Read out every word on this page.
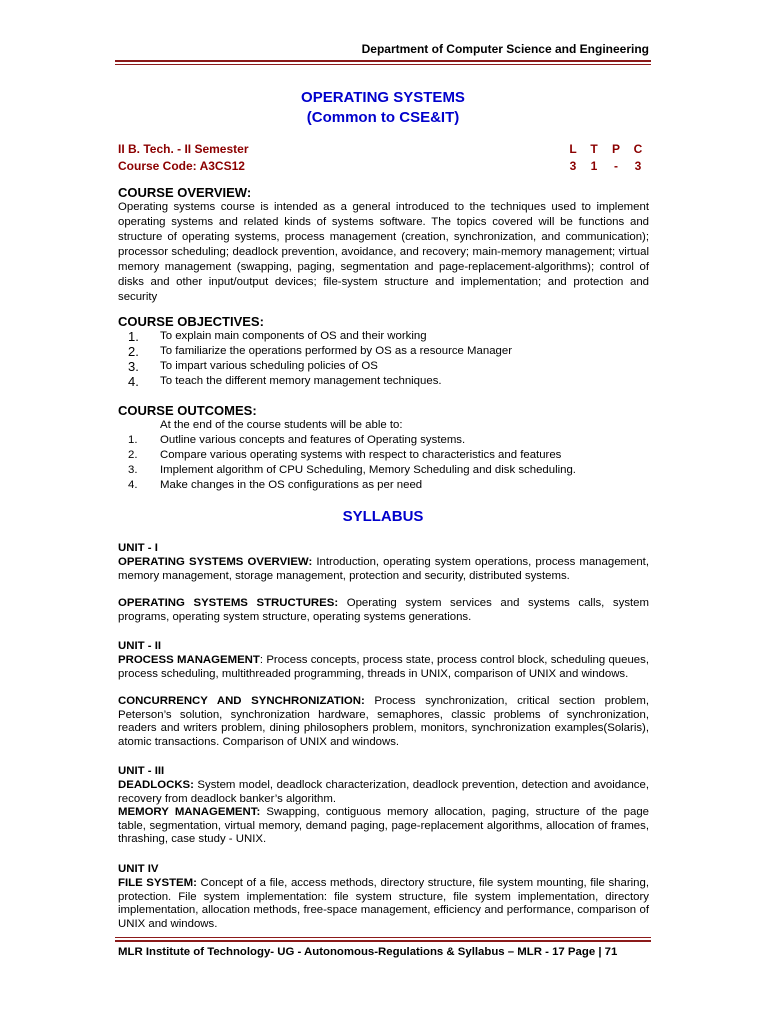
Department of Computer Science and Engineering
OPERATING SYSTEMS
(Common to CSE&IT)
II B. Tech. - II Semester
Course Code: A3CS12
L T P C
3	1	-	3
COURSE OVERVIEW:

Operating systems course is intended as a general introduced to the techniques used to implement operating systems and related kinds of systems software. The topics covered will be functions and structure of operating systems, process management (creation, synchronization, and communication); processor scheduling; deadlock prevention, avoidance, and recovery; main-memory management; virtual memory management (swapping, paging, segmentation and page-replacement-algorithms); control of disks and other input/output devices; file-system structure and implementation; and protection and security

COURSE OBJECTIVES:
1. To explain main components of OS and their working
2. To familiarize the operations performed by OS as a resource Manager
3. To impart various scheduling policies of OS
4. To teach the different memory management techniques.
COURSE OUTCOMES:
At the end of the course students will be able to:
1. Outline various concepts and features of Operating systems.
2. Compare various operating systems with respect to characteristics and features
3. Implement algorithm of CPU Scheduling, Memory Scheduling and disk scheduling.
4. Make changes in the OS configurations as per need
SYLLABUS
UNIT - I
OPERATING SYSTEMS OVERVIEW: Introduction, operating system operations, process management, memory management, storage management, protection and security, distributed systems.
OPERATING SYSTEMS STRUCTURES: Operating system services and systems calls, system programs, operating system structure, operating systems generations.
UNIT - II
PROCESS MANAGEMENT: Process concepts, process state, process control block, scheduling queues, process scheduling, multithreaded programming, threads in UNIX, comparison of UNIX and windows.
CONCURRENCY AND SYNCHRONIZATION: Process synchronization, critical section problem, Peterson’s solution, synchronization hardware, semaphores, classic problems of synchronization, readers and writers problem, dining philosophers problem, monitors, synchronization examples(Solaris), atomic transactions. Comparison of UNIX and windows.
UNIT - III
DEADLOCKS: System model, deadlock characterization, deadlock prevention, detection and avoidance, recovery from deadlock banker’s algorithm.
MEMORY MANAGEMENT: Swapping, contiguous memory allocation, paging, structure of the page table, segmentation, virtual memory, demand paging, page-replacement algorithms, allocation of frames, thrashing, case study - UNIX.
UNIT IV
FILE SYSTEM: Concept of a file, access methods, directory structure, file system mounting, file sharing, protection. File system implementation: file system structure, file system implementation, directory implementation, allocation methods, free-space management, efficiency and performance, comparison of UNIX and windows.
MLR Institute of Technology- UG - Autonomous-Regulations & Syllabus – MLR - 17 Page | 71
